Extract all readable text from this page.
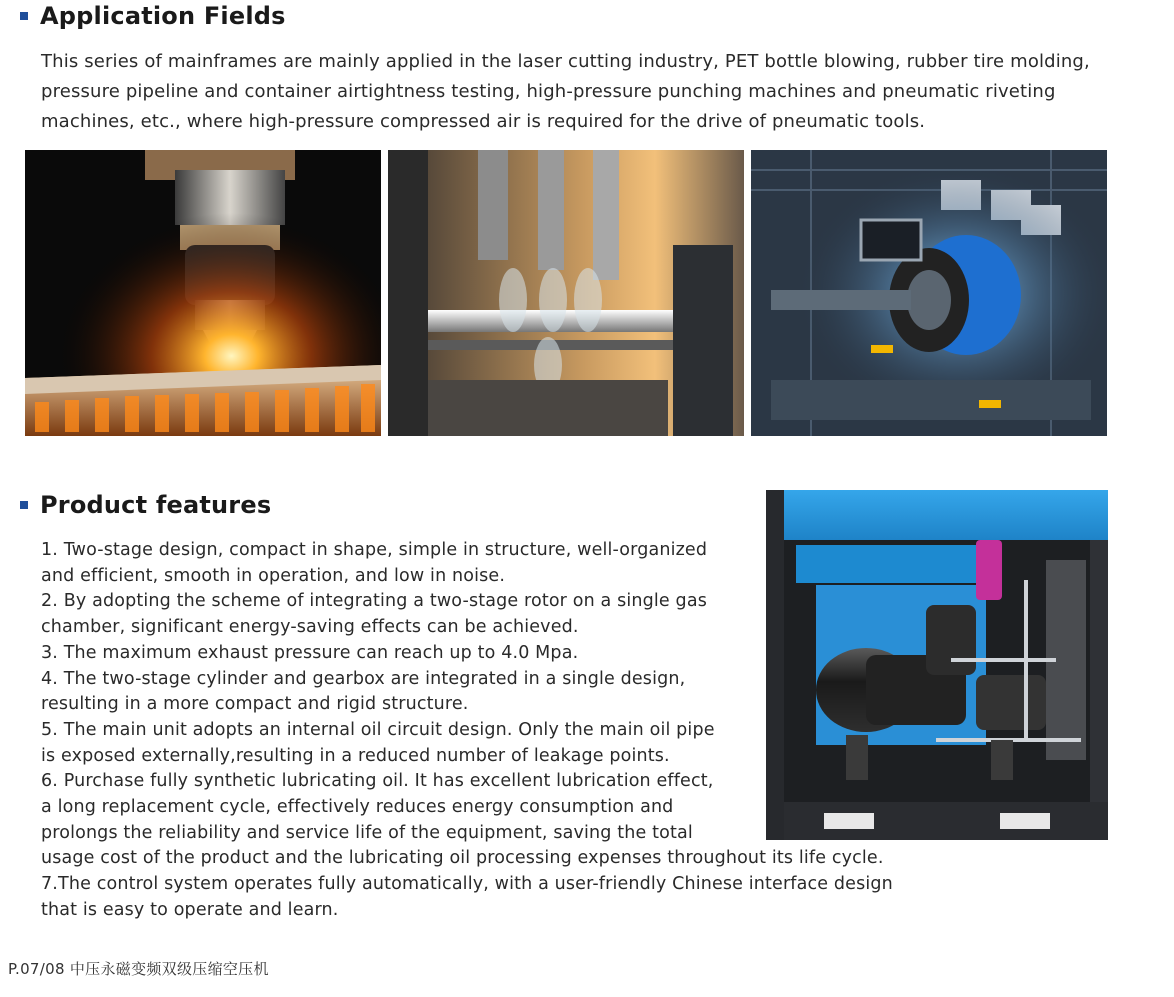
Application Fields
This series of mainframes are mainly applied in the laser cutting industry, PET bottle blowing, rubber tire molding,
pressure pipeline and container airtightness testing, high-pressure punching machines and pneumatic riveting
machines, etc., where high-pressure compressed air is required for the drive of pneumatic tools.
Product features
1. Two-stage design, compact in shape, simple in structure, well-organized
and efficient, smooth in operation, and low in noise.
2. By adopting the scheme of integrating a two-stage rotor on a single gas
chamber, significant energy-saving effects can be achieved.
3. The maximum exhaust pressure can reach up to 4.0 Mpa.
4. The two-stage cylinder and gearbox are integrated in a single design,
resulting in a more compact and rigid structure.
5. The main unit adopts an internal oil circuit design. Only the main oil pipe
is exposed externally,resulting in a reduced number of leakage points.
6. Purchase fully synthetic lubricating oil. It has excellent lubrication effect,
a long replacement cycle, effectively reduces energy consumption and
prolongs the reliability and service life of the equipment, saving the total
usage cost of the product and the lubricating oil processing expenses throughout its life cycle.
7.The control system operates fully automatically, with a user-friendly Chinese interface design
that is easy to operate and learn.
P.07/08 中压永磁变频双级压缩空压机
